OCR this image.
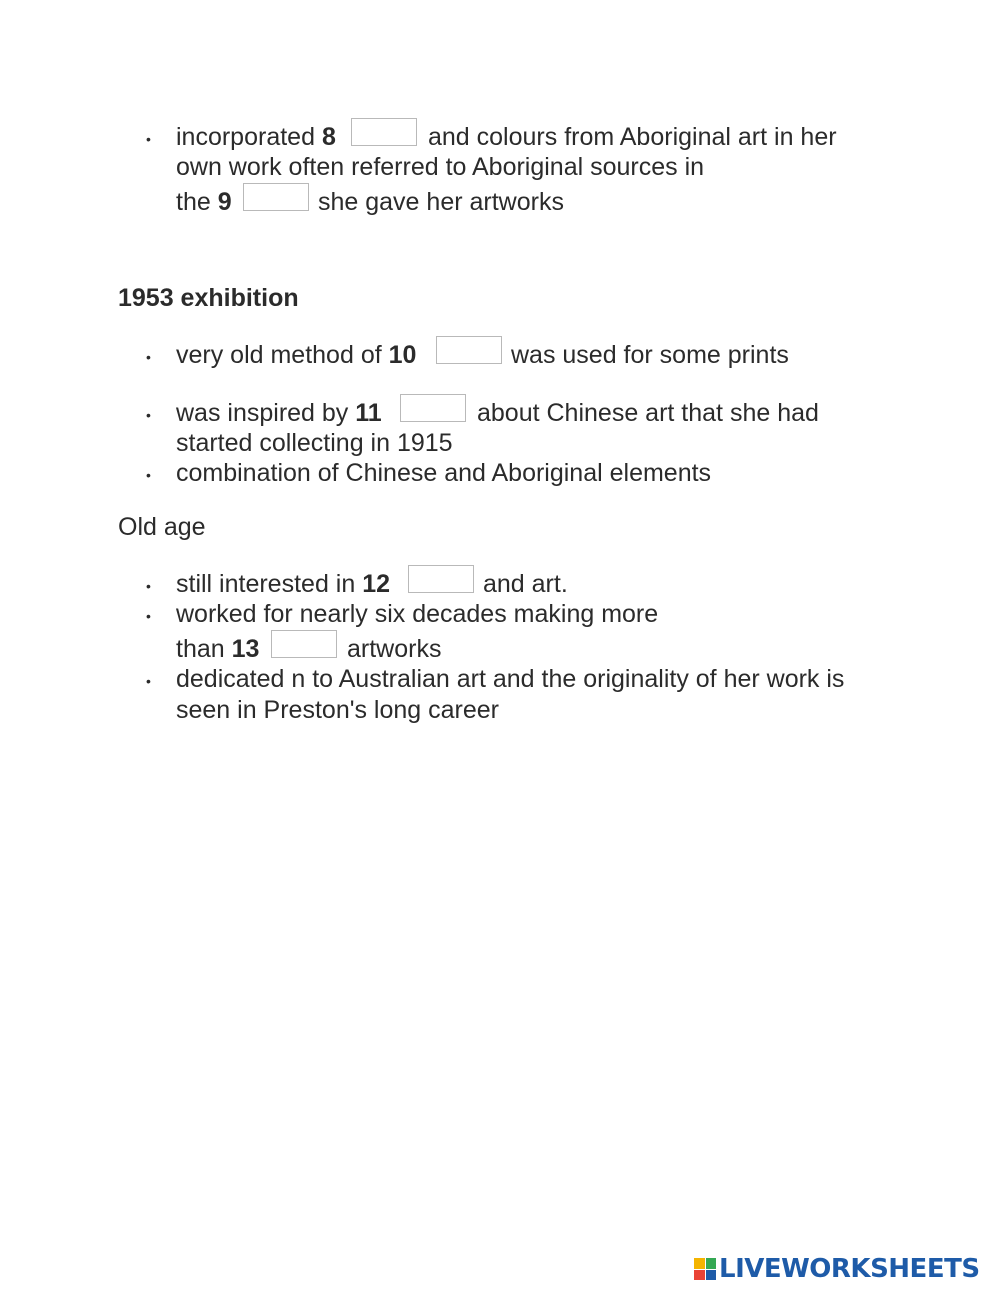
• incorporated 8	and colours from Aboriginal art in her
own work often referred to Aboriginal sources in
the 9	she gave her artworks
1953 exhibition
• very old method of 10	was used for some prints
• was inspired by 11	about Chinese art that she had
started collecting in 1915
• combination of Chinese and Aboriginal elements
Old age
• still interested in 12	and art.
• worked for nearly six decades making more
than 13	artworks
• dedicated n to Australian art and the originality of her work is
seen in Preston's long career
LIVEWORKSHEETS
